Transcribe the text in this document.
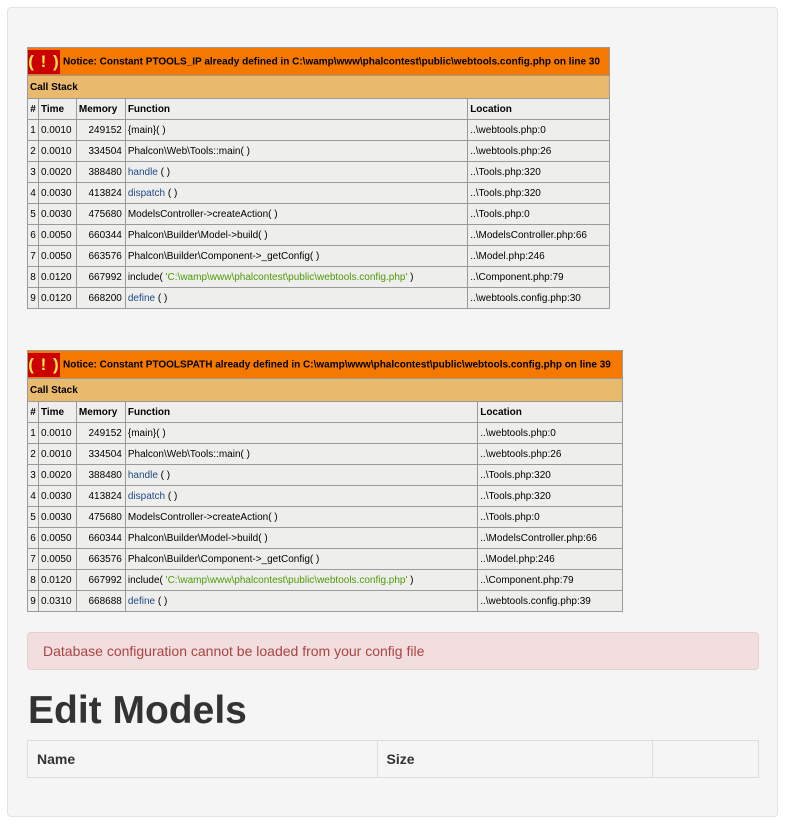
( ! ) Notice: Constant PTOOLS_IP already defined in C:\wamp\www\phalcontest\public\webtools.config.php on line 30				
Call Stack				
#	Time	Memory	Function	Location
1	0.0010	249152	{main}( )	..\webtools.php:0
2	0.0010	334504	Phalcon\Web\Tools::main( )	..\webtools.php:26
3	0.0020	388480	handle ( )	..\Tools.php:320
4	0.0030	413824	dispatch ( )	..\Tools.php:320
5	0.0030	475680	ModelsController->createAction( )	..\Tools.php:0
6	0.0050	660344	Phalcon\Builder\Model->build( )	..\ModelsController.php:66
7	0.0050	663576	Phalcon\Builder\Component->_getConfig( )	..\Model.php:246
8	0.0120	667992	include( 'C:\wamp\www\phalcontest\public\webtools.config.php' )	..\Component.php:79
9	0.0120	668200	define ( )	..\webtools.config.php:30
( ! ) Notice: Constant PTOOLSPATH already defined in C:\wamp\www\phalcontest\public\webtools.config.php on line 39				
Call Stack				
#	Time	Memory	Function	Location
1	0.0010	249152	{main}( )	..\webtools.php:0
2	0.0010	334504	Phalcon\Web\Tools::main( )	..\webtools.php:26
3	0.0020	388480	handle ( )	..\Tools.php:320
4	0.0030	413824	dispatch ( )	..\Tools.php:320
5	0.0030	475680	ModelsController->createAction( )	..\Tools.php:0
6	0.0050	660344	Phalcon\Builder\Model->build( )	..\ModelsController.php:66
7	0.0050	663576	Phalcon\Builder\Component->_getConfig( )	..\Model.php:246
8	0.0120	667992	include( 'C:\wamp\www\phalcontest\public\webtools.config.php' )	..\Component.php:79
9	0.0310	668688	define ( )	..\webtools.config.php:39
Database configuration cannot be loaded from your config file
Edit Models
Name	Size	
